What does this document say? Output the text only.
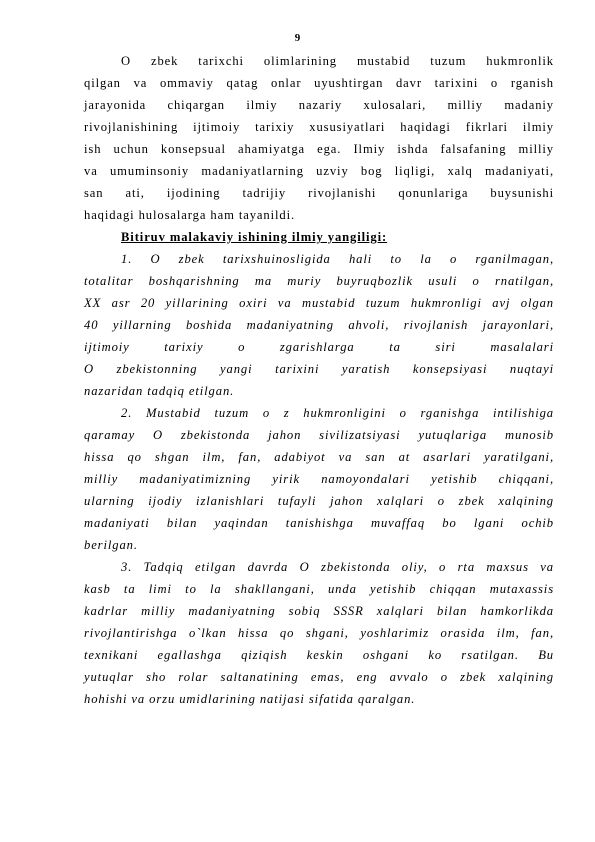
9
O zbek tarixchi olimlarining mustabid tuzum hukmronlik
qilgan va ommaviy qatag onlar uyushtirgan davr tarixini o rganish
jarayonida chiqargan ilmiy nazariy xulosalari, milliy madaniy
rivojlanishining ijtimoiy tarixiy xususiyatlari haqidagi fikrlari ilmiy
ish uchun konsepsual ahamiyatga ega. Ilmiy ishda falsafaning milliy
va umuminsoniy madaniyatlarning uzviy bog liqligi, xalq madaniyati,
san ati, ijodining tadrijiy rivojlanishi qonunlariga buysunishi
haqidagi hulosalarga ham tayanildi.
Bitiruv malakaviy ishining ilmiy yangiligi:
1. O zbek tarixshuinosligida hali to la o rganilmagan,
totalitar boshqarishning ma muriy buyruqbozlik usuli o rnatilgan,
XX asr 20 yillarining oxiri va mustabid tuzum hukmronligi avj olgan
40 yillarning boshida madaniyatning ahvoli, rivojlanish jarayonlari,
ijtimoiy tarixiy o zgarishlarga ta siri masalalari
O zbekistonning yangi tarixini yaratish konsepsiyasi nuqtayi
nazaridan tadqiq etilgan.
2. Mustabid tuzum o z hukmronligini o rganishga intilishiga
qaramay O zbekistonda jahon sivilizatsiyasi yutuqlariga munosib
hissa qo shgan ilm, fan, adabiyot va san at asarlari yaratilgani,
milliy madaniyatimizning yirik namoyondalari yetishib chiqqani,
ularning ijodiy izlanishlari tufayli jahon xalqlari o zbek xalqining
madaniyati bilan yaqindan tanishishga muvaffaq bo lgani ochib
berilgan.
3. Tadqiq etilgan davrda O zbekistonda oliy, o rta maxsus va
kasb ta limi to la shakllangani, unda yetishib chiqqan mutaxassis
kadrlar milliy madaniyatning sobiq SSSR xalqlari bilan hamkorlikda
rivojlantirishga o`lkan hissa qo shgani, yoshlarimiz orasida ilm, fan,
texnikani egallashga qiziqish keskin oshgani ko rsatilgan. Bu
yutuqlar sho rolar saltanatining emas, eng avvalo o zbek xalqining
hohishi va orzu umidlarining natijasi sifatida qaralgan.
